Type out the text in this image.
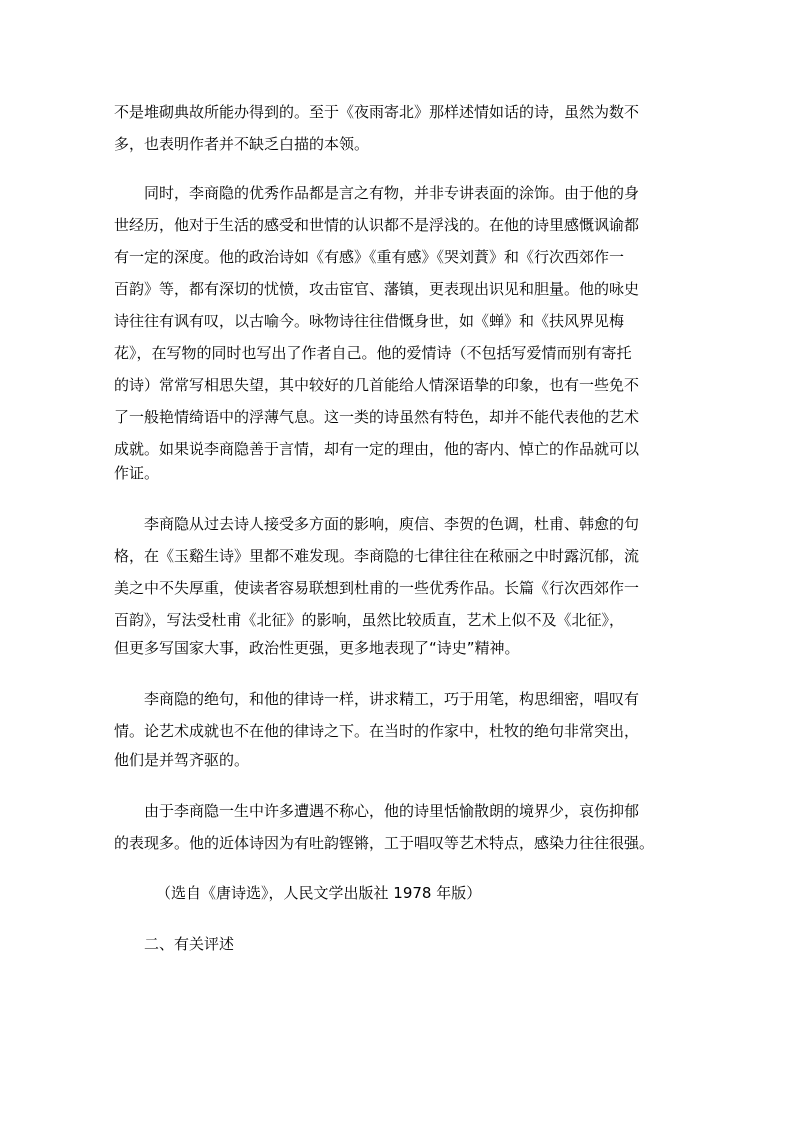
不是堆砌典故所能办得到的。至于《夜雨寄北》那样述情如话的诗，虽然为数不
多，也表明作者并不缺乏白描的本领。
同时，李商隐的优秀作品都是言之有物，并非专讲表面的涂饰。由于他的身
世经历，他对于生活的感受和世情的认识都不是浮浅的。在他的诗里感慨讽谕都
有一定的深度。他的政治诗如《有感》《重有感》《哭刘蕡》和《行次西郊作一
百韵》等，都有深切的忧愤，攻击宦官、藩镇，更表现出识见和胆量。他的咏史
诗往往有讽有叹，以古喻今。咏物诗往往借慨身世，如《蝉》和《扶风界见梅
花》，在写物的同时也写出了作者自己。他的爱情诗（不包括写爱情而别有寄托
的诗）常常写相思失望，其中较好的几首能给人情深语挚的印象，也有一些免不
了一般艳情绮语中的浮薄气息。这一类的诗虽然有特色，却并不能代表他的艺术
成就。如果说李商隐善于言情，却有一定的理由，他的寄内、悼亡的作品就可以
作证。
李商隐从过去诗人接受多方面的影响，庾信、李贺的色调，杜甫、韩愈的句
格，在《玉谿生诗》里都不难发现。李商隐的七律往往在秾丽之中时露沉郁，流
美之中不失厚重，使读者容易联想到杜甫的一些优秀作品。长篇《行次西郊作一
百韵》，写法受杜甫《北征》的影响，虽然比较质直，艺术上似不及《北征》，
但更多写国家大事，政治性更强，更多地表现了“诗史”精神。
李商隐的绝句，和他的律诗一样，讲求精工，巧于用笔，构思细密，唱叹有
情。论艺术成就也不在他的律诗之下。在当时的作家中，杜牧的绝句非常突出，
他们是并驾齐驱的。
由于李商隐一生中许多遭遇不称心，他的诗里恬愉散朗的境界少，哀伤抑郁
的表现多。他的近体诗因为有吐韵铿锵，工于唱叹等艺术特点，感染力往往很强。
（选自《唐诗选》，人民文学出版社 1978 年版）
二、有关评述
